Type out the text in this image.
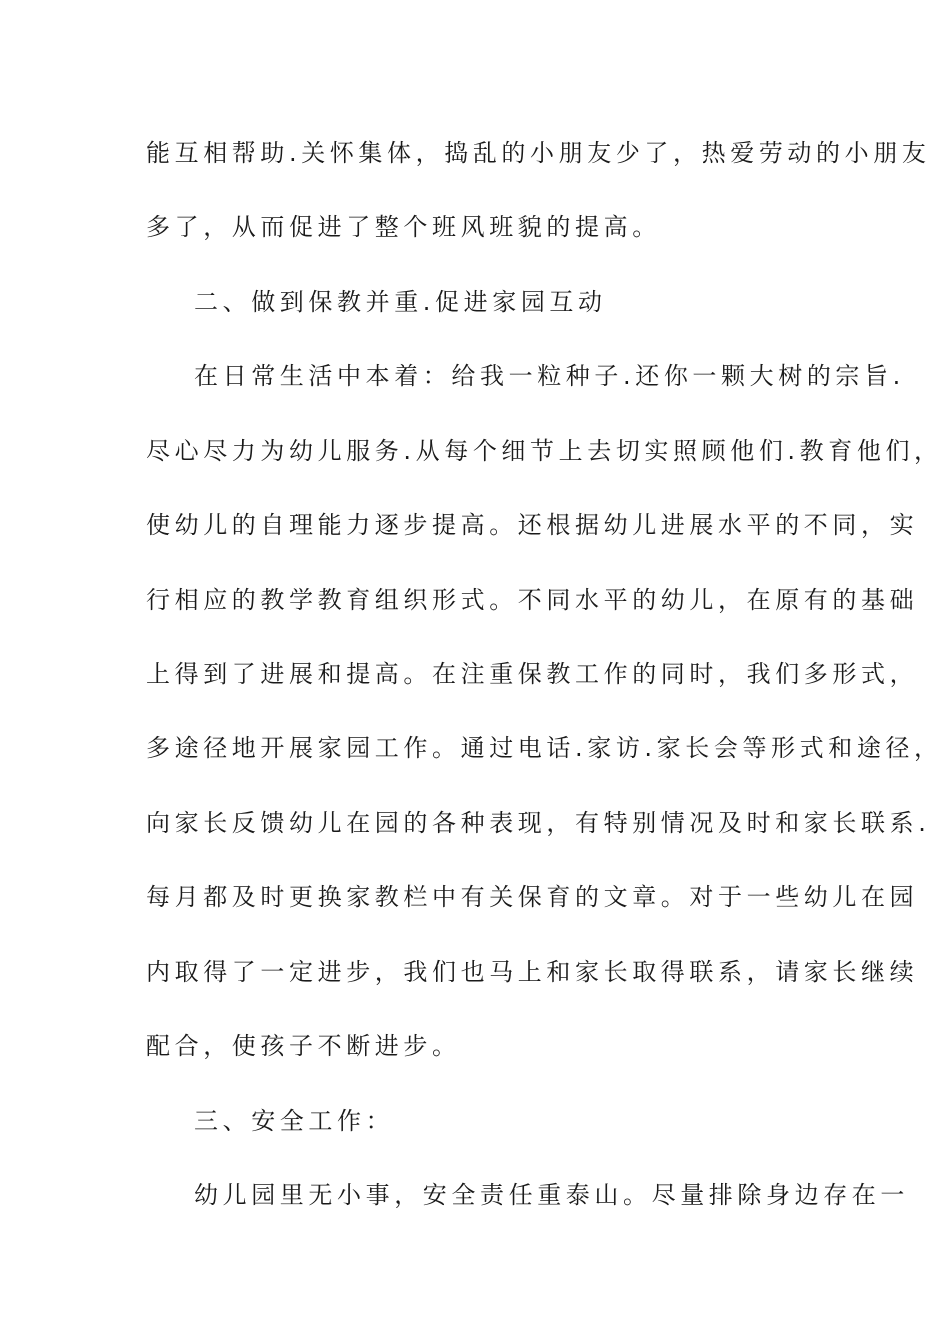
能互相帮助.关怀集体，捣乱的小朋友少了，热爱劳动的小朋友
多了，从而促进了整个班风班貌的提高。
二、做到保教并重.促进家园互动
在日常生活中本着：给我一粒种子.还你一颗大树的宗旨.
尽心尽力为幼儿服务.从每个细节上去切实照顾他们.教育他们，
使幼儿的自理能力逐步提高。还根据幼儿进展水平的不同，实
行相应的教学教育组织形式。不同水平的幼儿，在原有的基础
上得到了进展和提高。在注重保教工作的同时，我们多形式，
多途径地开展家园工作。通过电话.家访.家长会等形式和途径，
向家长反馈幼儿在园的各种表现，有特别情况及时和家长联系.
每月都及时更换家教栏中有关保育的文章。对于一些幼儿在园
内取得了一定进步，我们也马上和家长取得联系，请家长继续
配合，使孩子不断进步。
三、安全工作：
幼儿园里无小事，安全责任重泰山。尽量排除身边存在一
